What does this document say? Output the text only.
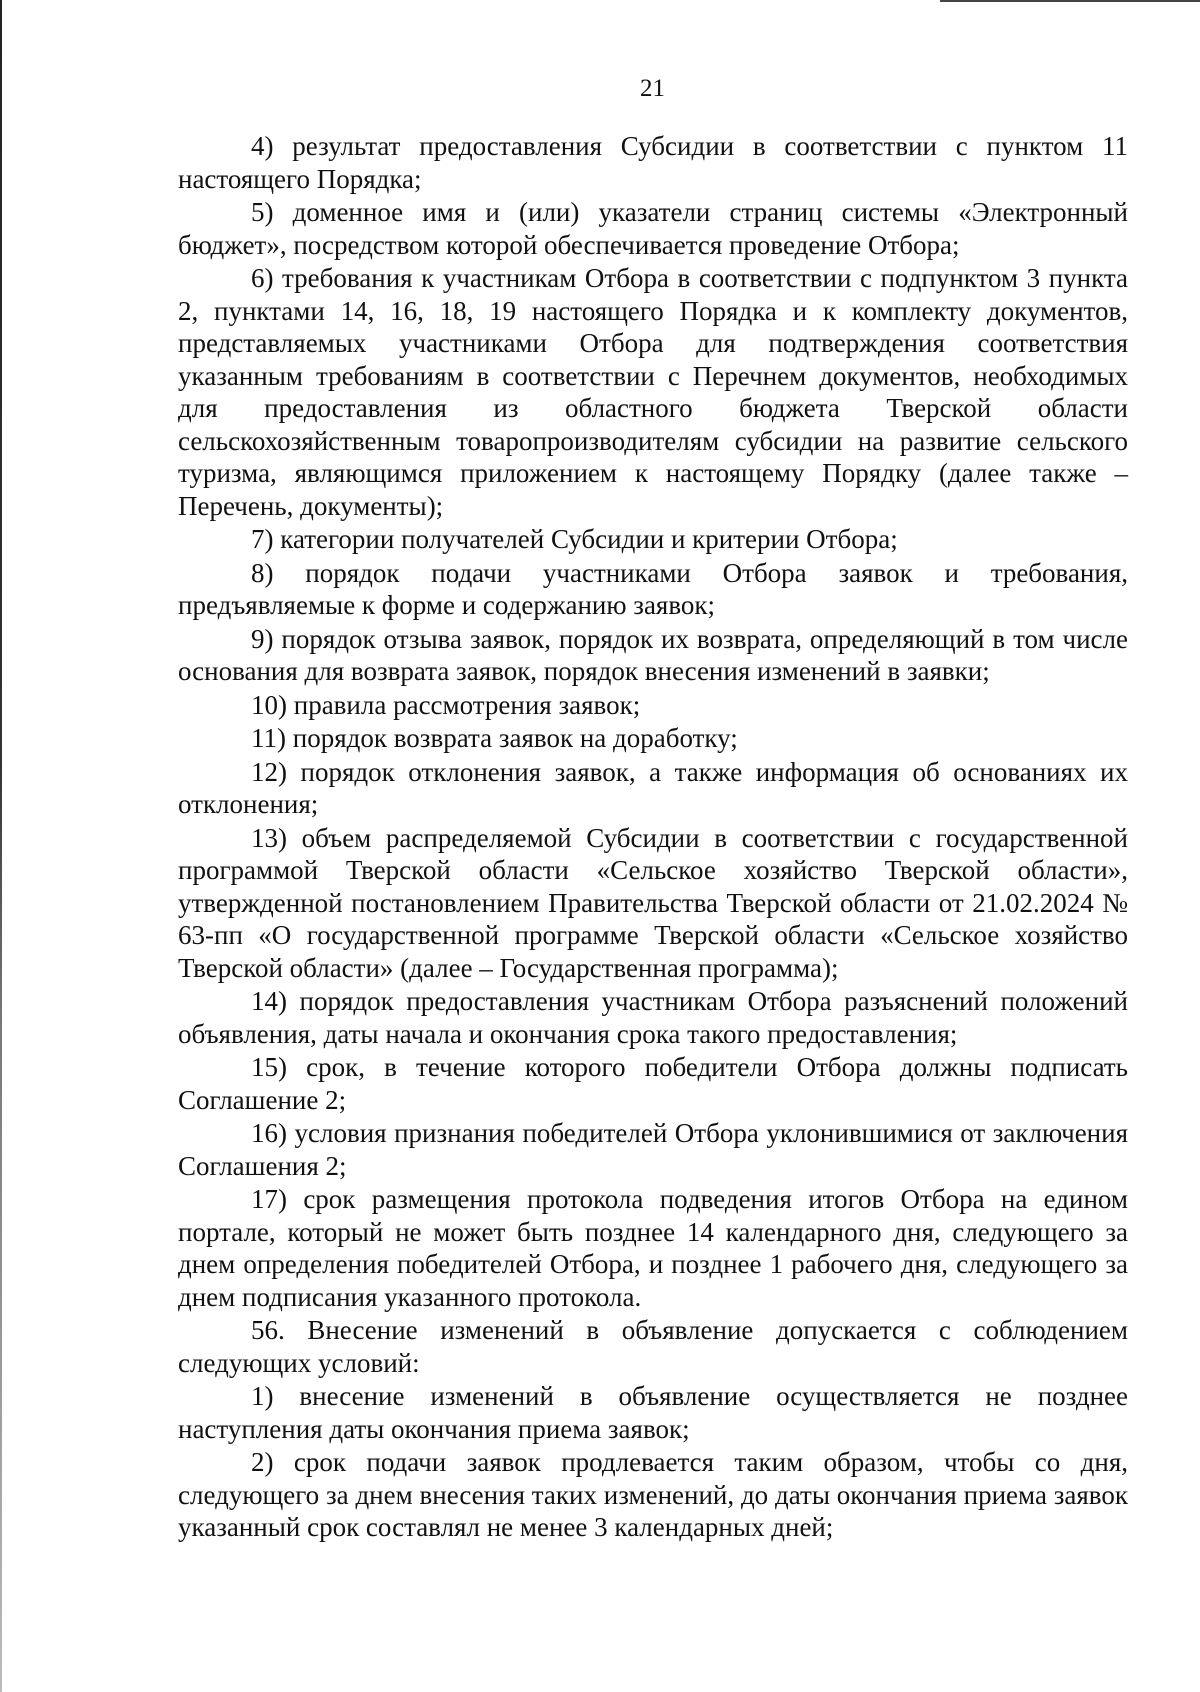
21

4) результат предоставления Субсидии в соответствии с пунктом 11 настоящего Порядка;

5) доменное имя и (или) указатели страниц системы «Электронный бюджет», посредством которой обеспечивается проведение Отбора;

6) требования к участникам Отбора в соответствии с подпунктом 3 пункта 2, пунктами 14, 16, 18, 19 настоящего Порядка и к комплекту документов, представляемых участниками Отбора для подтверждения соответствия указанным требованиям в соответствии с Перечнем документов, необходимых для предоставления из областного бюджета Тверской области сельскохозяйственным товаропроизводителям субсидии на развитие сельского туризма, являющимся приложением к настоящему Порядку (далее также – Перечень, документы);

7) категории получателей Субсидии и критерии Отбора;

8) порядок подачи участниками Отбора заявок и требования, предъявляемые к форме и содержанию заявок;

9) порядок отзыва заявок, порядок их возврата, определяющий в том числе основания для возврата заявок, порядок внесения изменений в заявки;

10) правила рассмотрения заявок;

11) порядок возврата заявок на доработку;

12) порядок отклонения заявок, а также информация об основаниях их отклонения;

13) объем распределяемой Субсидии в соответствии с государственной программой Тверской области «Сельское хозяйство Тверской области», утвержденной постановлением Правительства Тверской области от 21.02.2024 № 63-пп «О государственной программе Тверской области «Сельское хозяйство Тверской области» (далее – Государственная программа);

14) порядок предоставления участникам Отбора разъяснений положений объявления, даты начала и окончания срока такого предоставления;

15) срок, в течение которого победители Отбора должны подписать Соглашение 2;

16) условия признания победителей Отбора уклонившимися от заключения Соглашения 2;

17) срок размещения протокола подведения итогов Отбора на едином портале, который не может быть позднее 14 календарного дня, следующего за днем определения победителей Отбора, и позднее 1 рабочего дня, следующего за днем подписания указанного протокола.

56. Внесение изменений в объявление допускается с соблюдением следующих условий:

1) внесение изменений в объявление осуществляется не позднее наступления даты окончания приема заявок;

2) срок подачи заявок продлевается таким образом, чтобы со дня, следующего за днем внесения таких изменений, до даты окончания приема заявок указанный срок составлял не менее 3 календарных дней;
